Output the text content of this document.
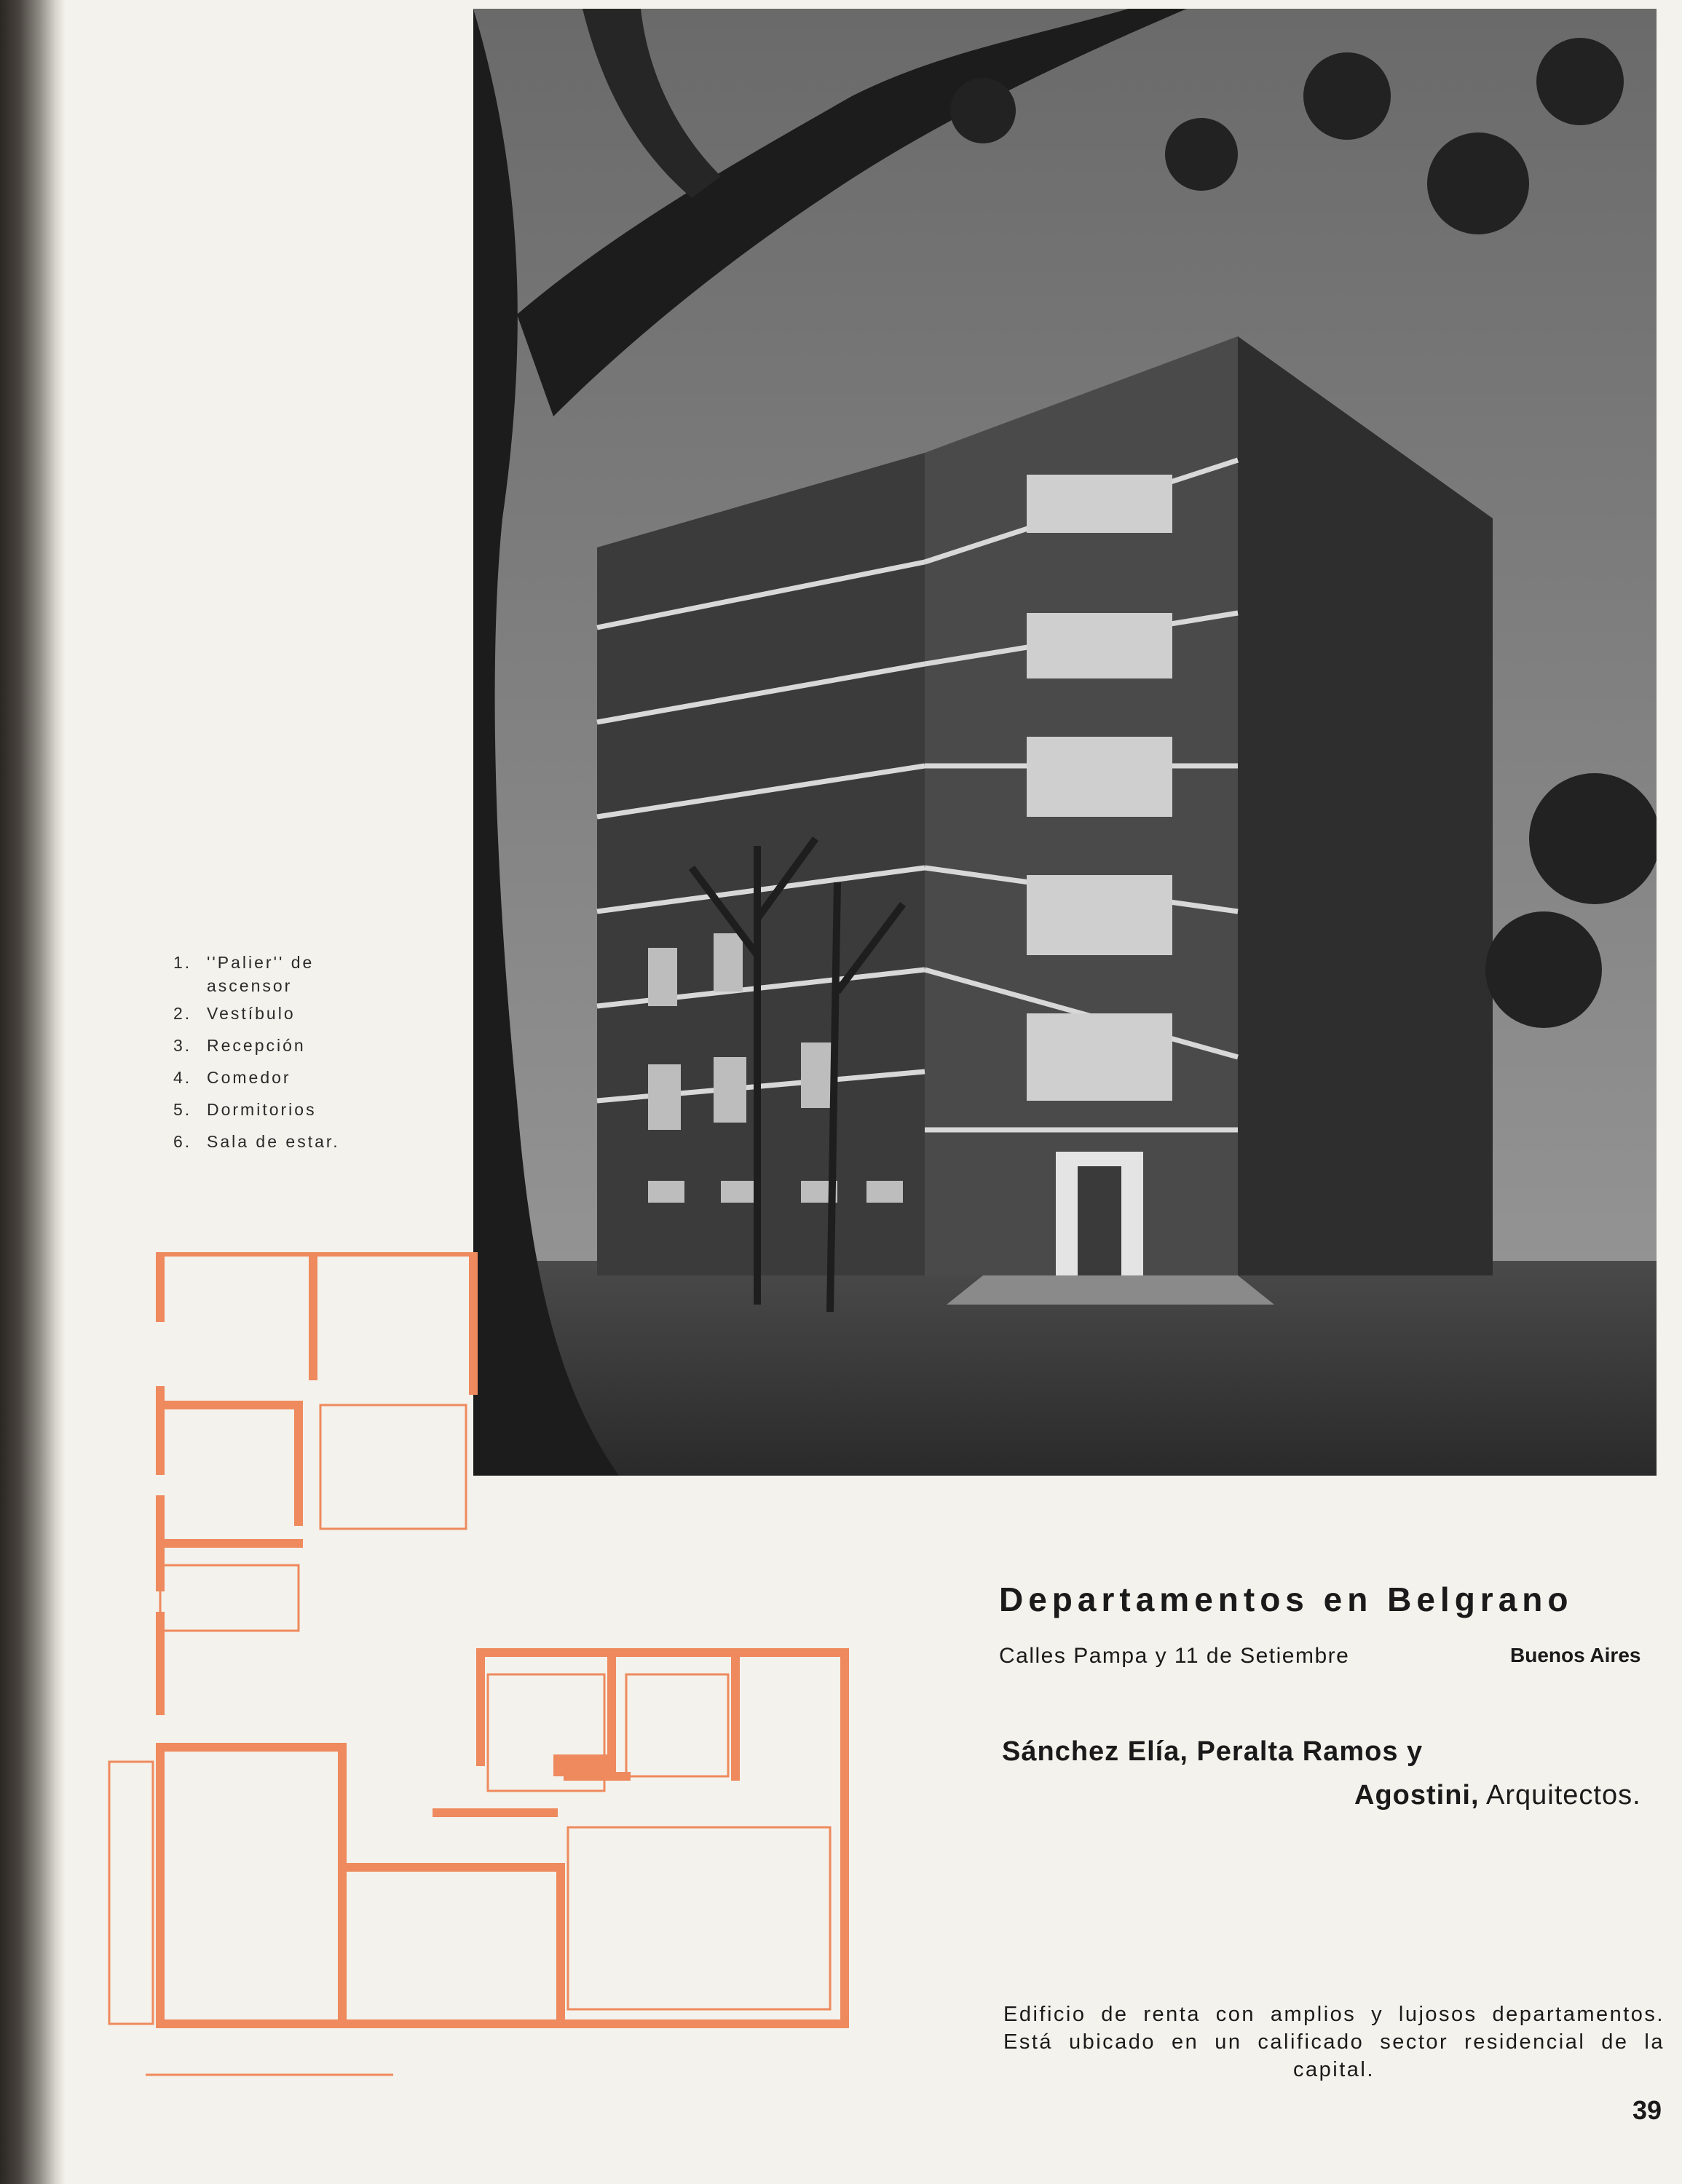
1. ''Palier'' de ascensor
2. Vestíbulo
3. Recepción
4. Comedor
5. Dormitorios
6. Sala de estar.
Departamentos en Belgrano
Calles Pampa y 11 de Setiembre	Buenos Aires
Sánchez Elía, Peralta Ramos y
Agostini, Arquitectos.
Edificio de renta con amplios y lujosos departamentos. Está ubicado en un calificado sector residencial de la capital.
39
